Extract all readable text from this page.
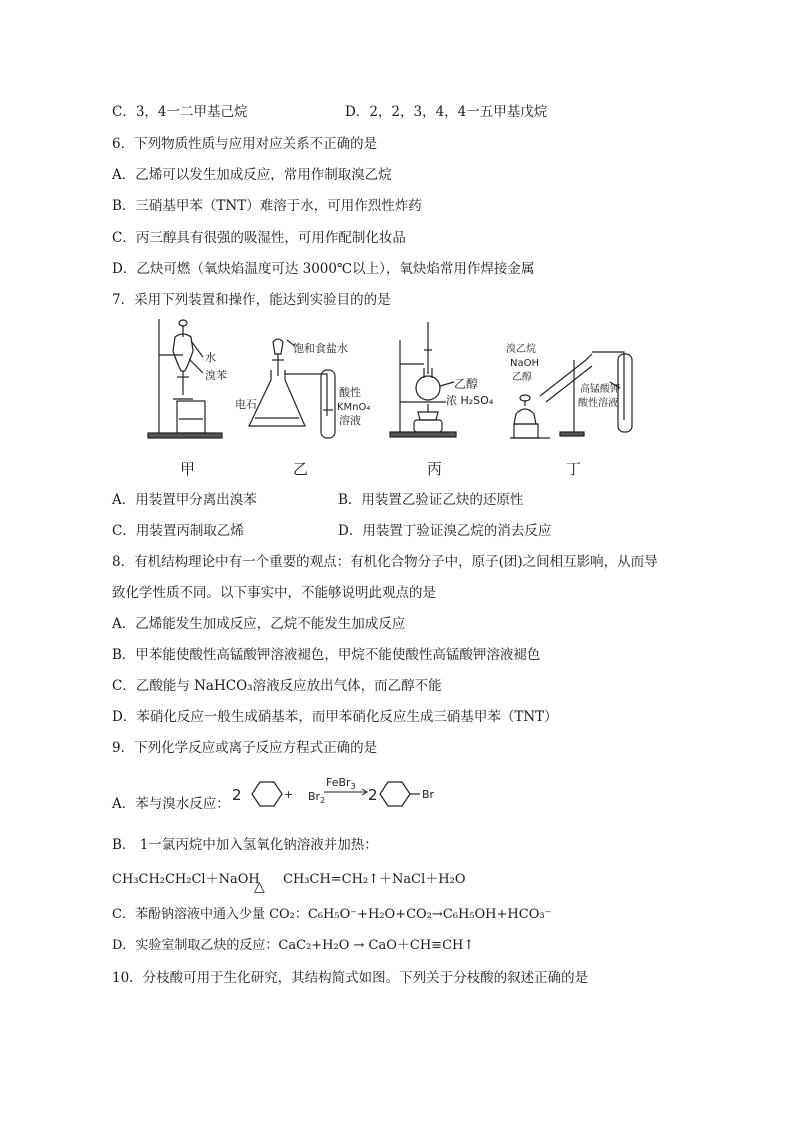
C．3，4一二甲基己烷	D．2，2，3，4，4一五甲基戊烷
6．下列物质性质与应用对应关系不正确的是
A．乙烯可以发生加成反应，常用作制取溴乙烷
B．三硝基甲苯（TNT）难溶于水，可用作烈性炸药
C．丙三醇具有很强的吸湿性，可用作配制化妆品
D．乙炔可燃（氧炔焰温度可达 3000℃以上），氧炔焰常用作焊接金属
7．采用下列装置和操作，能达到实验目的的是
水
溴苯
甲
饱和食盐水
电石
酸性
KMnO₄
溶液
乙
乙醇
浓 H₂SO₄
丙
溴乙烷
NaOH
乙醇
高锰酸钾
酸性溶液
丁
A．用装置甲分离出溴苯	B．用装置乙验证乙炔的还原性
C．用装置丙制取乙烯	D．用装置丁验证溴乙烷的消去反应
8．有机结构理论中有一个重要的观点：有机化合物分子中，原子(团)之间相互影响，从而导
致化学性质不同。以下事实中，不能够说明此观点的是
A．乙烯能发生加成反应，乙烷不能发生加成反应
B．甲苯能使酸性高锰酸钾溶液褪色，甲烷不能使酸性高锰酸钾溶液褪色
C．乙酸能与 NaHCO₃溶液反应放出气体，而乙醇不能
D．苯硝化反应一般生成硝基苯，而甲苯硝化反应生成三硝基甲苯（TNT）
9．下列化学反应或离子反应方程式正确的是
A．苯与溴水反应： 2	+ $Br_2$
FeBr$_3$ 2	Br
B． 1一氯丙烷中加入氢氧化钠溶液并加热：
CH₃CH₂CH₂Cl＋NaOH
△ CH₃CH=CH₂↑＋NaCl＋H₂O
C．苯酚钠溶液中通入少量 CO₂：C₆H₅O⁻+H₂O+CO₂→C₆H₅OH+HCO₃⁻
D．实验室制取乙炔的反应：CaC₂+H₂O → CaO＋CH≡CH↑
10．分枝酸可用于生化研究，其结构简式如图。下列关于分枝酸的叙述正确的是
